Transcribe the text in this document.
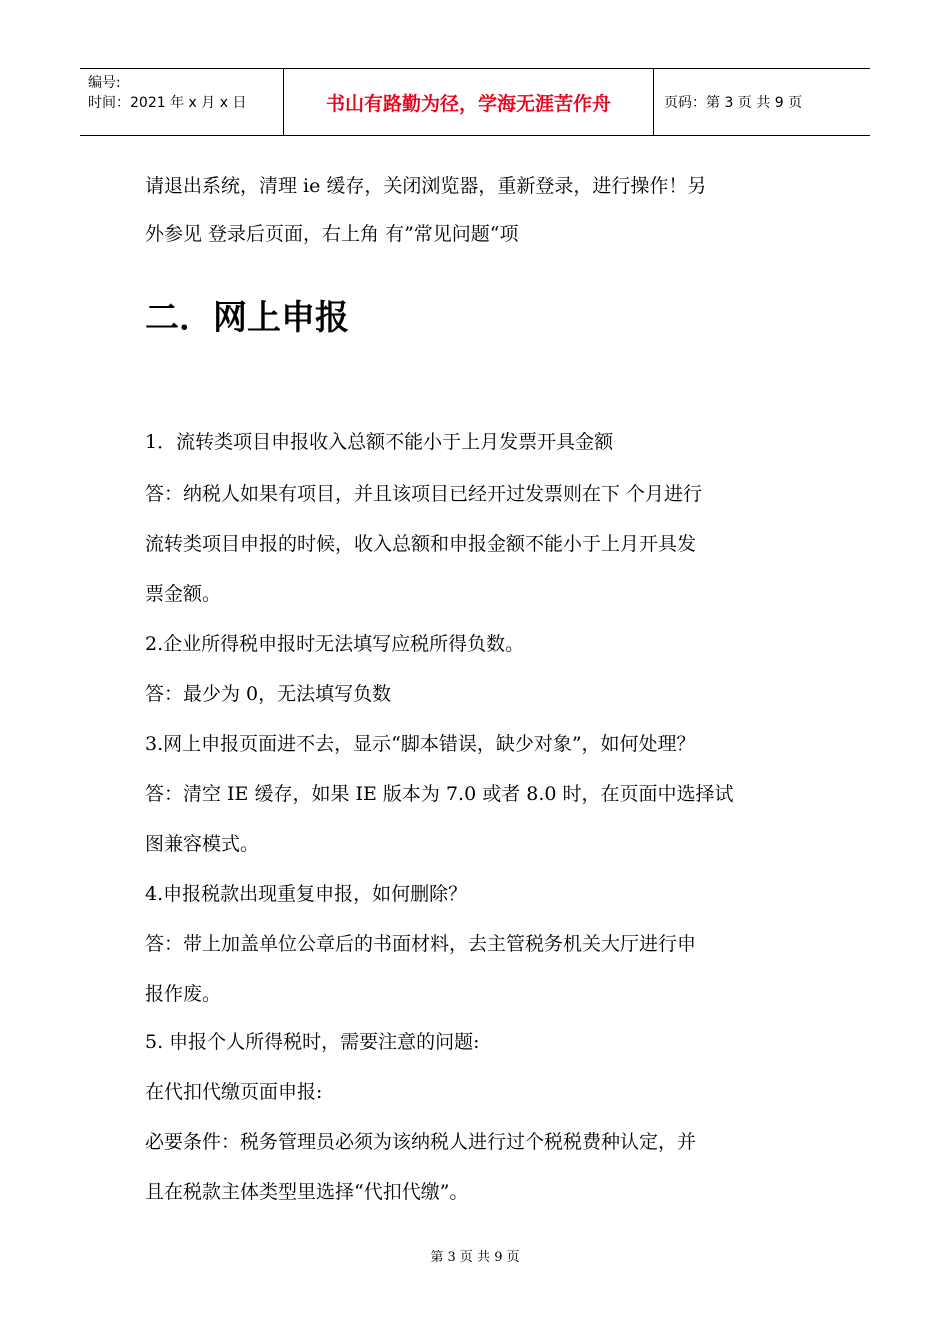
编号:
时间：2021 年 x 月 x 日	书山有路勤为径，学海无涯苦作舟	页码：第 3 页 共 9 页
请退出系统，清理 ie 缓存，关闭浏览器，重新登录，进行操作！另
外参见 登录后页面，右上角 有”常见问题“项
二．网上申报
1．流转类项目申报收入总额不能小于上月发票开具金额
答：纳税人如果有项目，并且该项目已经开过发票则在下 个月进行
流转类项目申报的时候，收入总额和申报金额不能小于上月开具发
票金额。
2.企业所得税申报时无法填写应税所得负数。
答：最少为 0，无法填写负数
3.网上申报页面进不去，显示“脚本错误，缺少对象”，如何处理？
答：清空 IE 缓存，如果 IE 版本为 7.0 或者 8.0 时，在页面中选择试
图兼容模式。
4.申报税款出现重复申报，如何删除？
答：带上加盖单位公章后的书面材料，去主管税务机关大厅进行申
报作废。
5. 申报个人所得税时，需要注意的问题:
在代扣代缴页面申报:
必要条件：税务管理员必须为该纳税人进行过个税税费种认定，并
且在税款主体类型里选择“代扣代缴”。
第 3 页 共 9 页
